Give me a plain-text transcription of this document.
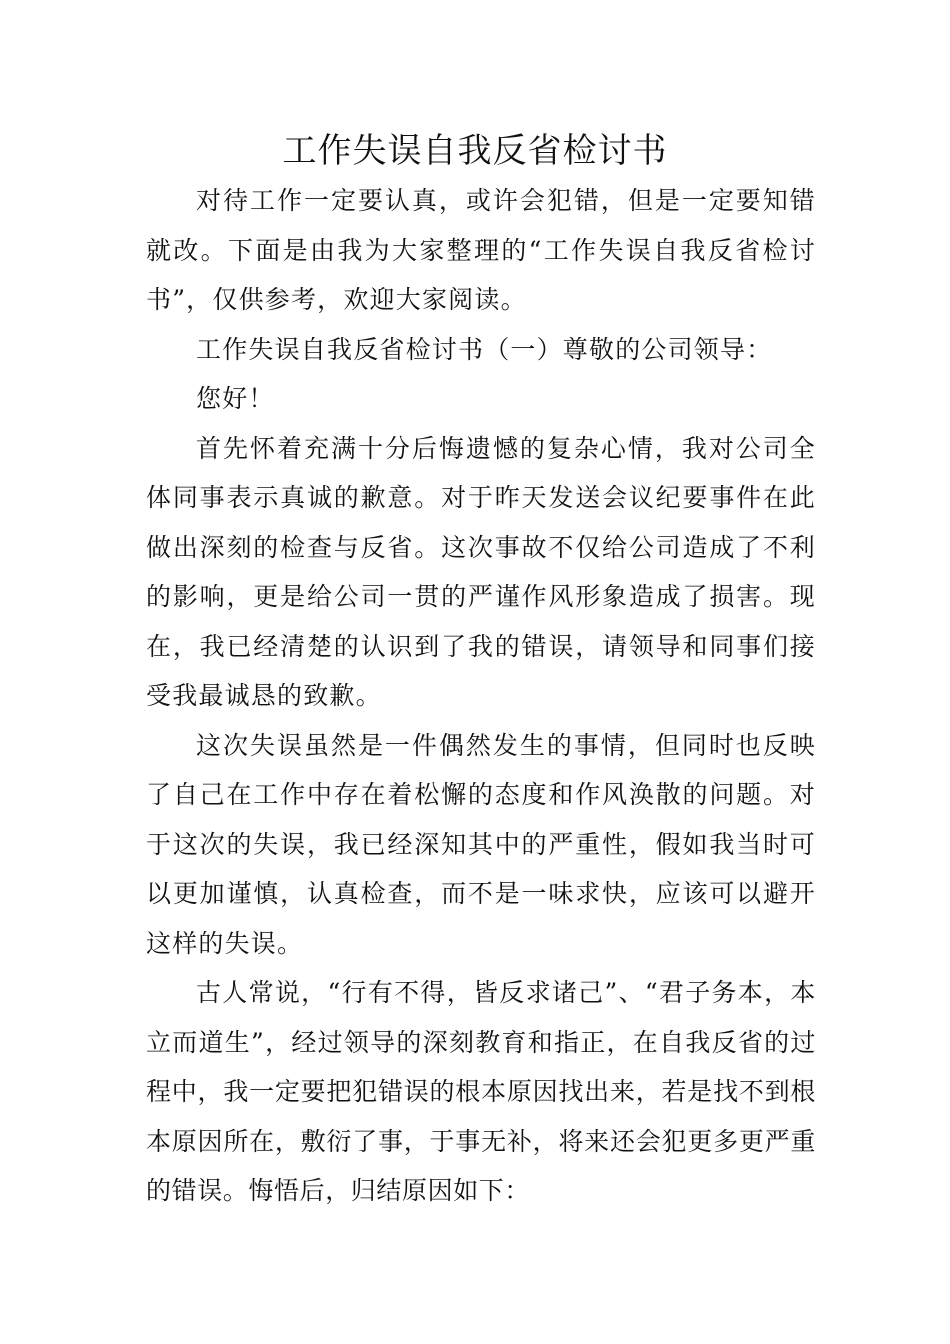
工作失误自我反省检讨书

对待工作一定要认真，或许会犯错，但是一定要知错就改。下面是由我为大家整理的“工作失误自我反省检讨书”，仅供参考，欢迎大家阅读。

工作失误自我反省检讨书（一）尊敬的公司领导：

您好！

首先怀着充满十分后悔遗憾的复杂心情，我对公司全体同事表示真诚的歉意。对于昨天发送会议纪要事件在此做出深刻的检查与反省。这次事故不仅给公司造成了不利的影响，更是给公司一贯的严谨作风形象造成了损害。现在，我已经清楚的认识到了我的错误，请领导和同事们接受我最诚恳的致歉。

这次失误虽然是一件偶然发生的事情，但同时也反映了自己在工作中存在着松懈的态度和作风涣散的问题。对于这次的失误，我已经深知其中的严重性，假如我当时可以更加谨慎，认真检查，而不是一味求快，应该可以避开这样的失误。

古人常说，“行有不得，皆反求诸己”、“君子务本，本立而道生”，经过领导的深刻教育和指正，在自我反省的过程中，我一定要把犯错误的根本原因找出来，若是找不到根本原因所在，敷衍了事，于事无补，将来还会犯更多更严重的错误。悔悟后，归结原因如下：
